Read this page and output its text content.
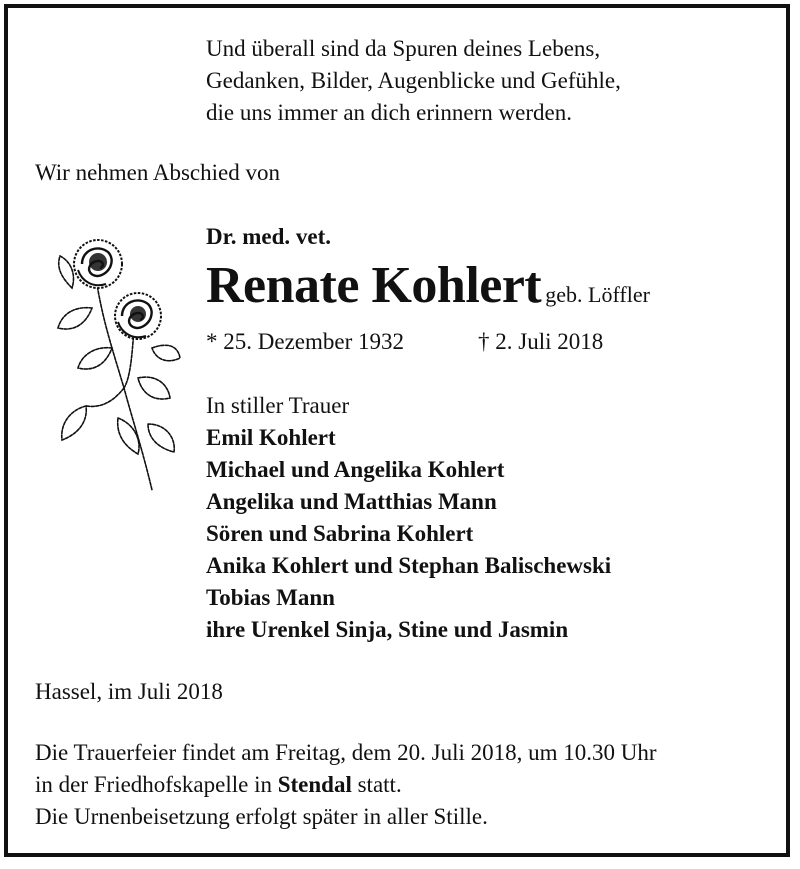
Und überall sind da Spuren deines Lebens,
Gedanken, Bilder, Augenblicke und Gefühle,
die uns immer an dich erinnern werden.
Wir nehmen Abschied von
Dr. med. vet.
Renate Kohlert geb. Löffler
* 25. Dezember 1932	† 2. Juli 2018
In stiller Trauer
Emil Kohlert
Michael und Angelika Kohlert
Angelika und Matthias Mann
Sören und Sabrina Kohlert
Anika Kohlert und Stephan Balischewski
Tobias Mann
ihre Urenkel Sinja, Stine und Jasmin
Hassel, im Juli 2018
Die Trauerfeier findet am Freitag, dem 20. Juli 2018, um 10.30 Uhr
in der Friedhofskapelle in Stendal statt.
Die Urnenbeisetzung erfolgt später in aller Stille.
